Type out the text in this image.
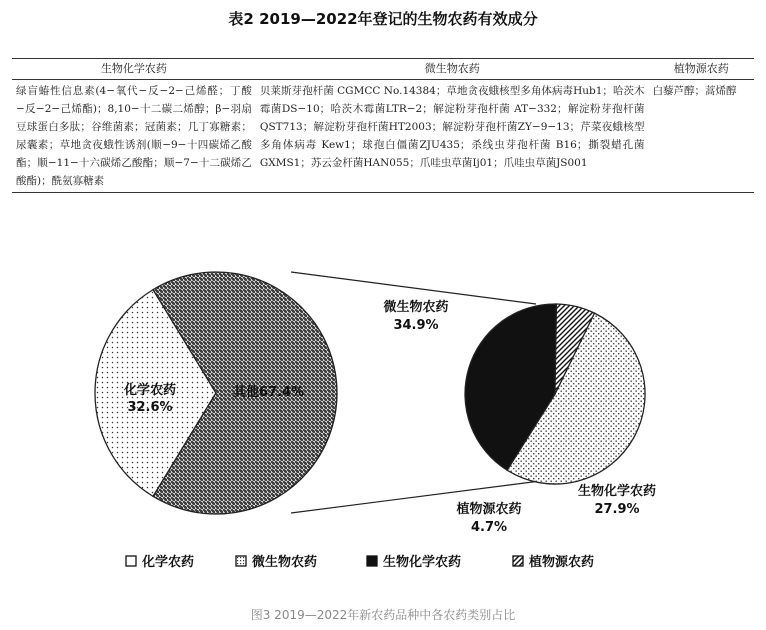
表2 2019—2022年登记的生物农药有效成分
生物化学农药	微生物农药	植物源农药
绿盲蝽性信息素(4−氧代−反−2−己烯醛；丁酸−反−2−己烯酯)；8,10−十二碳二烯醇；β−羽扇豆球蛋白多肽；谷维菌素；冠菌素；几丁寡糖素；尿囊素；草地贪夜蛾性诱剂(顺−9−十四碳烯乙酸酯；顺−11−十六碳烯乙酸酯；顺−7−十二碳烯乙酸酯)；酰氨寡糖素	贝莱斯芽孢杆菌 CGMCC No.14384；草地贪夜蛾核型多角体病毒Hub1；哈茨木霉菌DS−10；哈茨木霉菌LTR−2；解淀粉芽孢杆菌 AT−332；解淀粉芽孢杆菌 QST713；解淀粉芽孢杆菌HT2003；解淀粉芽孢杆菌ZY−9−13；芹菜夜蛾核型多角体病毒 Kew1；球孢白僵菌ZJU435；杀线虫芽孢杆菌 B16；撕裂蜡孔菌GXMS1；苏云金杆菌HAN055；爪哇虫草菌Ij01；爪哇虫草菌JS001	白藜芦醇；蒿烯醇
化学农药
32.6%
其他67.4%
微生物农药
34.9%
生物化学农药
27.9%
植物源农药
4.7%
化学农药	微生物农药	生物化学农药	植物源农药
图3 2019—2022年新农药品种中各农药类别占比
